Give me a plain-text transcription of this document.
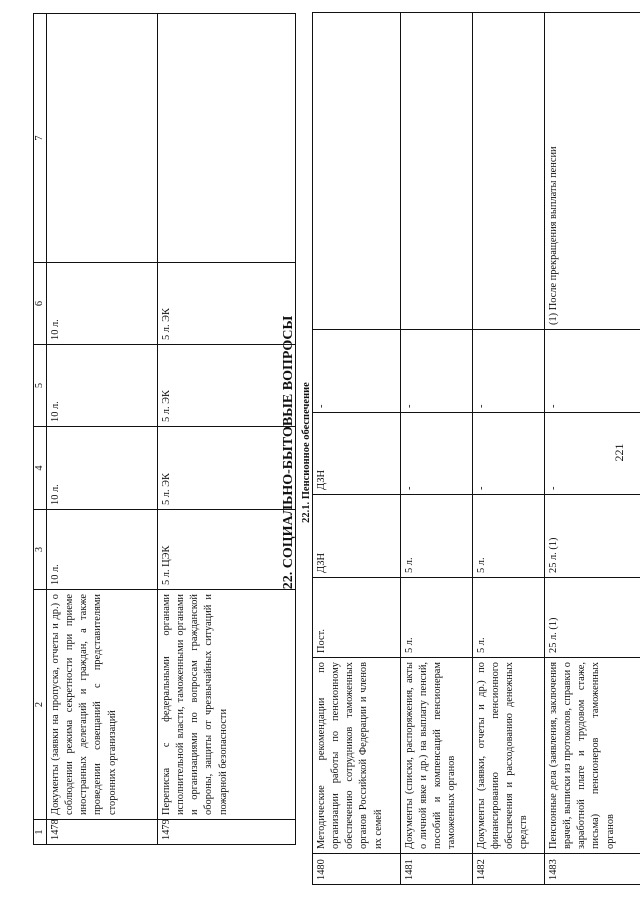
1	2	3	4	5	6	7
1478	Документы (заявки на пропуска, отчеты и др.) о соблюдении режима секретности при приеме иностранных делегаций и граждан, а также проведении совещаний с представителями сторонних организаций	10 л.	10 л.	10 л.	10 л.	
1479	Переписка с федеральными органами исполнительной власти, таможенными органами и организациями по вопросам гражданской обороны, защиты от чрезвычайных ситуаций и пожарной безопасности	5 л. ЦЭК	5 л. ЭК	5 л. ЭК	5 л. ЭК		22. СОЦИАЛЬНО-БЫТОВЫЕ ВОПРОСЫ 22.1. Пенсионное обеспечение
1480	Методические рекомендации по организации работы по пенсионному обеспечению сотрудников таможенных органов Российской Федерации и членов их семей	Пост.	ДЗН	ДЗН	-	
1481	Документы (списки, распоряжения, акты о личной явке и др.) на выплату пенсий, пособий и компенсаций пенсионерам таможенных органов	5 л.	5 л.	-	-	
1482	Документы (заявки, отчеты и др.) по финансированию пенсионного обеспечения и расходованию денежных средств	5 л.	5 л.	-	-	
1483	Пенсионные дела (заявления, заключения врачей, выписки из протоколов, справки о заработной плате и трудовом стаже, письма) пенсионеров таможенных органов	25 л. (1)	25 л. (1)	-	-	(1) После прекращения выплаты пенсии
221
